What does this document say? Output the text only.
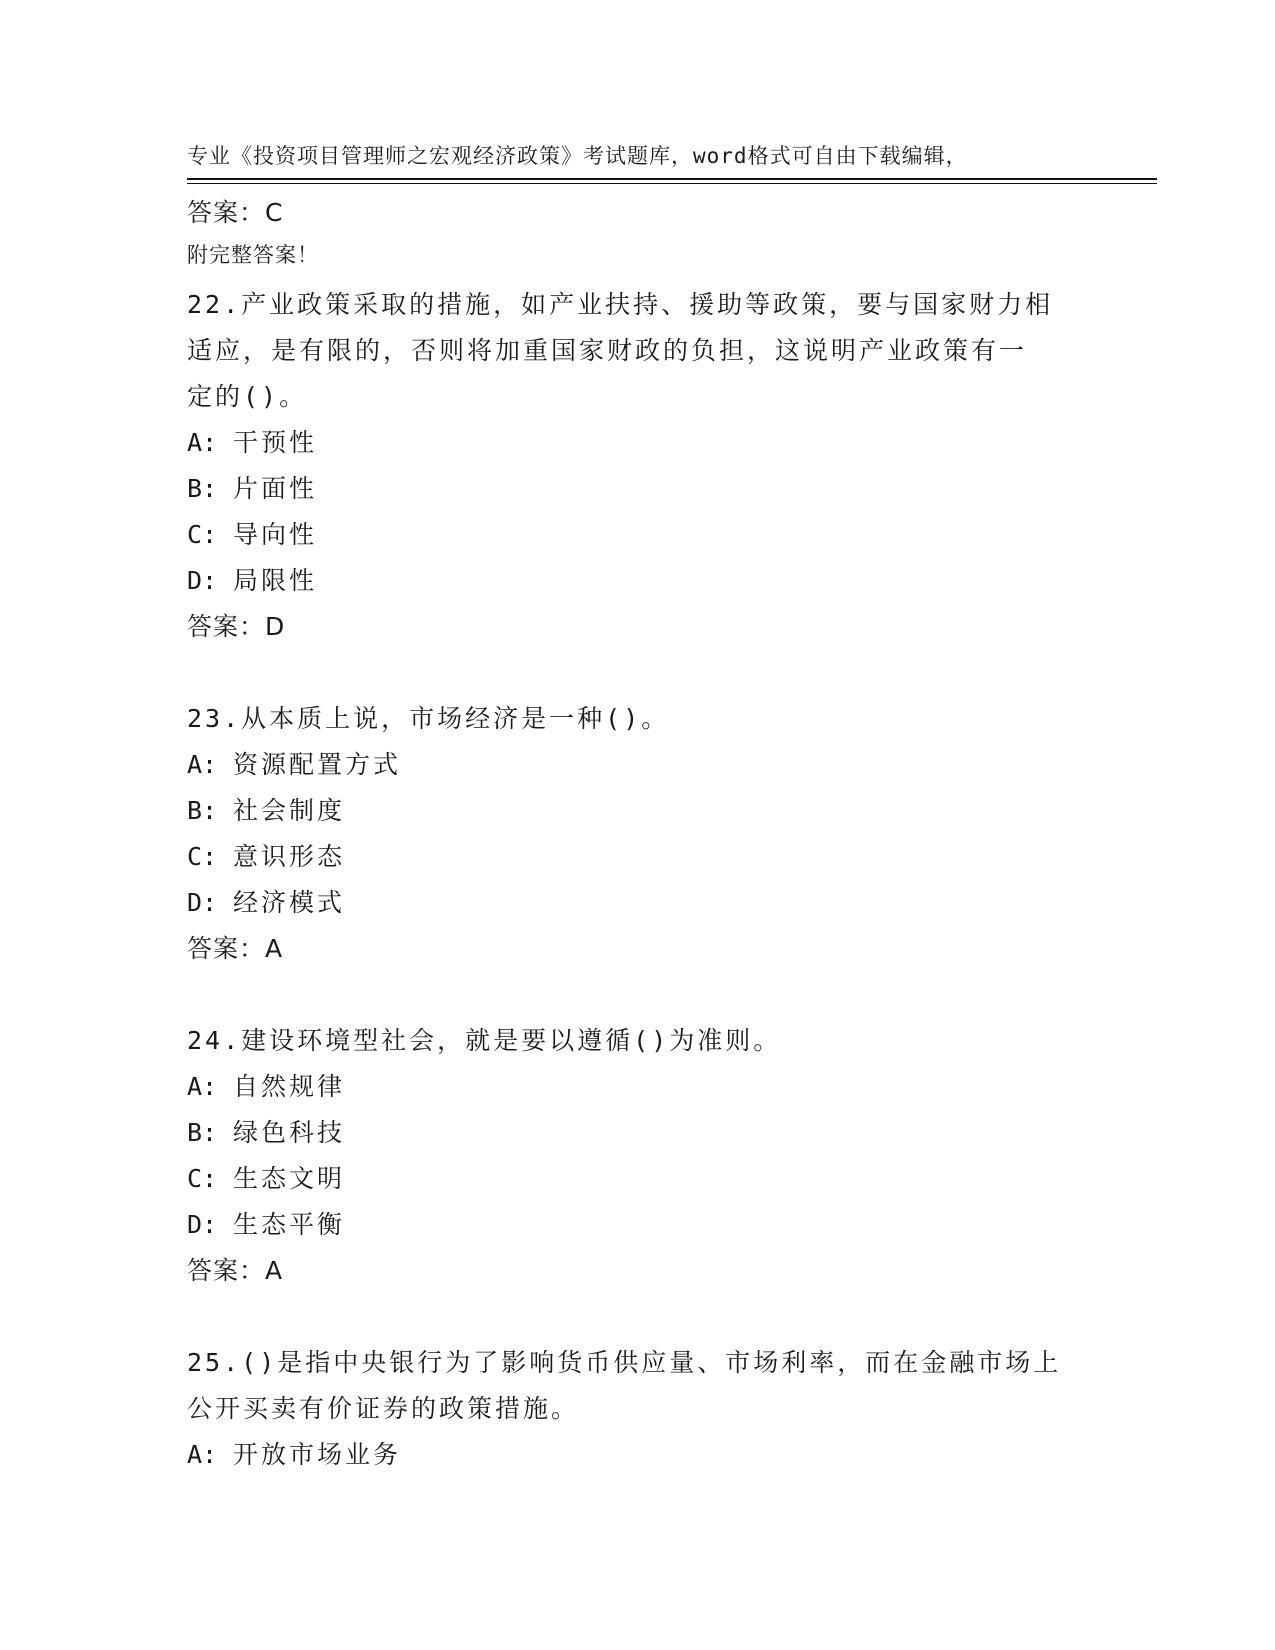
专业《投资项目管理师之宏观经济政策》考试题库，word格式可自由下载编辑，

附完整答案！

答案：C
22.产业政策采取的措施，如产业扶持、援助等政策，要与国家财力相
适应，是有限的，否则将加重国家财政的负担，这说明产业政策有一
定的()。
A: 干预性
B: 片面性
C: 导向性
D: 局限性
答案：D
23.从本质上说，市场经济是一种()。
A: 资源配置方式
B: 社会制度
C: 意识形态
D: 经济模式
答案：A
24.建设环境型社会，就是要以遵循()为准则。
A: 自然规律
B: 绿色科技
C: 生态文明
D: 生态平衡
答案：A
25.()是指中央银行为了影响货币供应量、市场利率，而在金融市场上
公开买卖有价证券的政策措施。
A: 开放市场业务
